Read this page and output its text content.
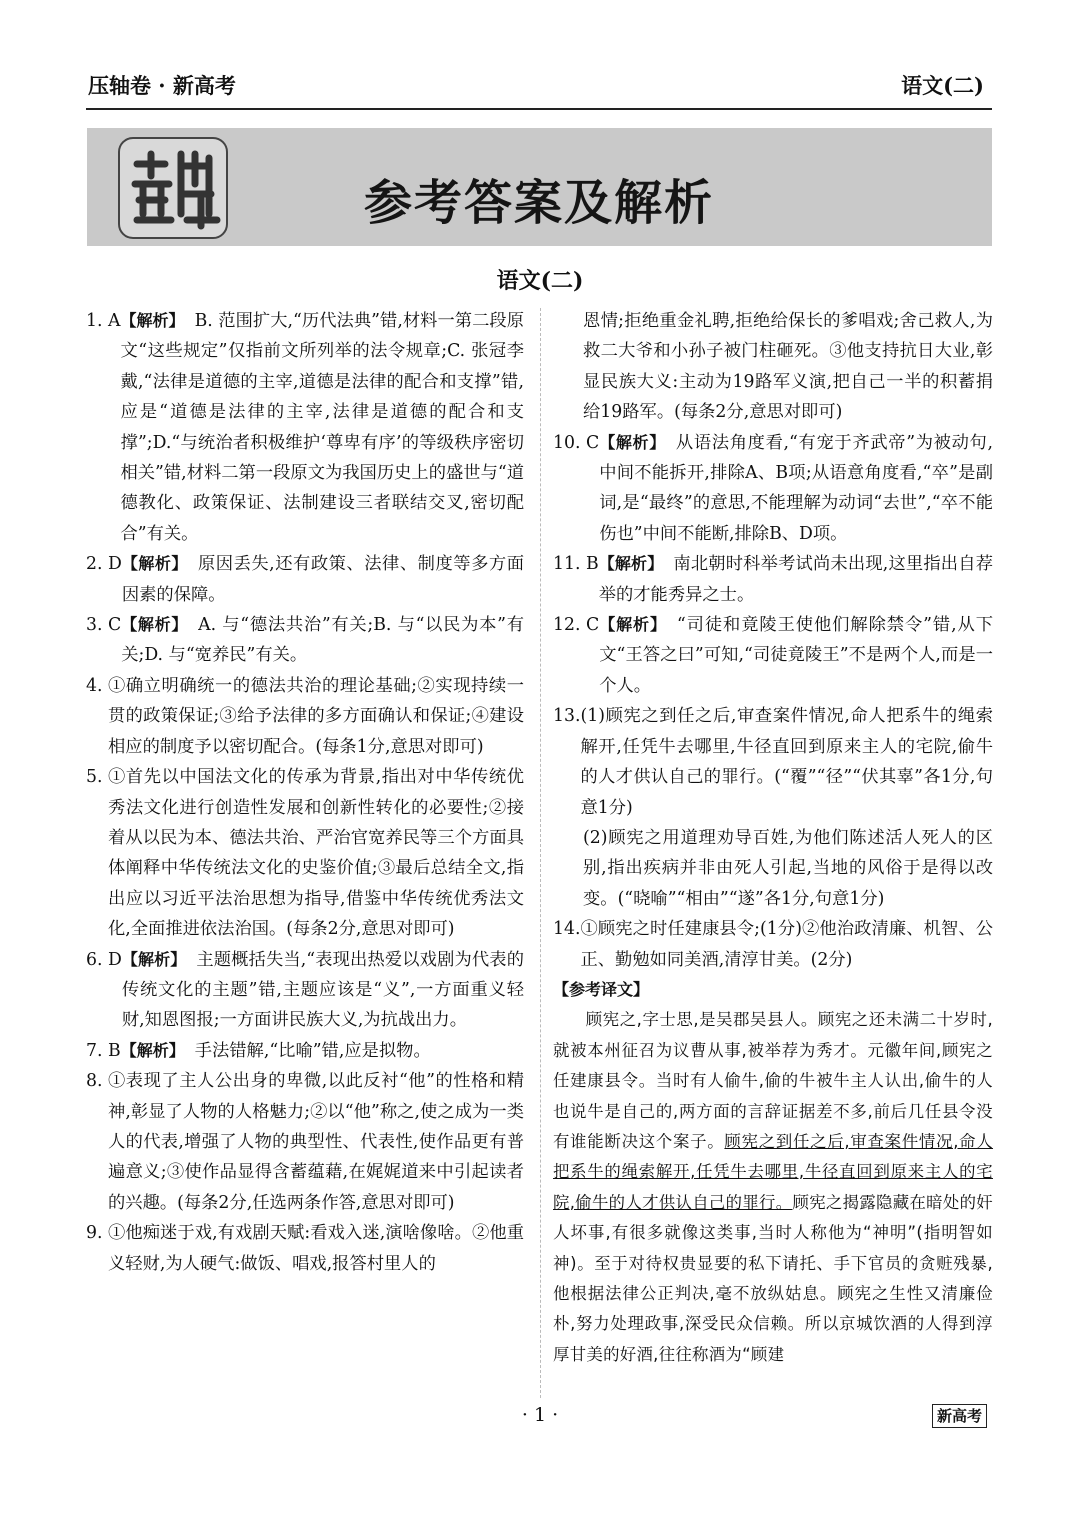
压轴卷 · 新高考	语文(二)
参考答案及解析
语文(二)
1. A 【解析】 B. 范围扩大,“历代法典”错,材料一第二段原文“这些规定”仅指前文所列举的法令规章;C. 张冠李戴,“法律是道德的主宰,道德是法律的配合和支撑”错,应是“道德是法律的主宰,法律是道德的配合和支撑”;D.“与统治者积极维护‘尊卑有序’的等级秩序密切相关”错,材料二第一段原文为我国历史上的盛世与“道德教化、政策保证、法制建设三者联结交叉,密切配合”有关。
2. D 【解析】 原因丢失,还有政策、法律、制度等多方面因素的保障。
3. C 【解析】 A. 与“德法共治”有关;B. 与“以民为本”有关;D. 与“宽养民”有关。
4. ①确立明确统一的德法共治的理论基础;②实现持续一贯的政策保证;③给予法律的多方面确认和保证;④建设相应的制度予以密切配合。(每条1分,意思对即可)
5. ①首先以中国法文化的传承为背景,指出对中华传统优秀法文化进行创造性发展和创新性转化的必要性;②接着从以民为本、德法共治、严治官宽养民等三个方面具体阐释中华传统法文化的史鉴价值;③最后总结全文,指出应以习近平法治思想为指导,借鉴中华传统优秀法文化,全面推进依法治国。(每条2分,意思对即可)
6. D 【解析】 主题概括失当,“表现出热爱以戏剧为代表的传统文化的主题”错,主题应该是“义”,一方面重义轻财,知恩图报;一方面讲民族大义,为抗战出力。
7. B 【解析】 手法错解,“比喻”错,应是拟物。
8. ①表现了主人公出身的卑微,以此反衬“他”的性格和精神,彰显了人物的人格魅力;②以“他”称之,使之成为一类人的代表,增强了人物的典型性、代表性,使作品更有普遍意义;③使作品显得含蓄蕴藉,在娓娓道来中引起读者的兴趣。(每条2分,任选两条作答,意思对即可)
9. ①他痴迷于戏,有戏剧天赋:看戏入迷,演啥像啥。②他重义轻财,为人硬气:做饭、唱戏,报答村里人的
恩情;拒绝重金礼聘,拒绝给保长的爹唱戏;舍己救人,为救二大爷和小孙子被门柱砸死。③他支持抗日大业,彰显民族大义:主动为19路军义演,把自己一半的积蓄捐给19路军。(每条2分,意思对即可)
10. C 【解析】 从语法角度看,“有宠于齐武帝”为被动句,中间不能拆开,排除A、B项;从语意角度看,“卒”是副词,是“最终”的意思,不能理解为动词“去世”,“卒不能伤也”中间不能断,排除B、D项。
11. B 【解析】 南北朝时科举考试尚未出现,这里指出自荐举的才能秀异之士。
12. C 【解析】 “司徒和竟陵王使他们解除禁令”错,从下文“王答之曰”可知,“司徒竟陵王”不是两个人,而是一个人。
13. (1)顾宪之到任之后,审查案件情况,命人把系牛的绳索解开,任凭牛去哪里,牛径直回到原来主人的宅院,偷牛的人才供认自己的罪行。(“覆”“径”“伏其辜”各1分,句意1分)
(2)顾宪之用道理劝导百姓,为他们陈述活人死人的区别,指出疾病并非由死人引起,当地的风俗于是得以改变。(“晓喻”“相由”“遂”各1分,句意1分)
14. ①顾宪之时任建康县令;(1分)②他治政清廉、机智、公正、勤勉如同美酒,清淳甘美。(2分)
【参考译文】
顾宪之,字士思,是吴郡吴县人。顾宪之还未满二十岁时,就被本州征召为议曹从事,被举荐为秀才。元徽年间,顾宪之任建康县令。当时有人偷牛,偷的牛被牛主人认出,偷牛的人也说牛是自己的,两方面的言辞证据差不多,前后几任县令没有谁能断决这个案子。顾宪之到任之后,审查案件情况,命人把系牛的绳索解开,任凭牛去哪里,牛径直回到原来主人的宅院,偷牛的人才供认自己的罪行。顾宪之揭露隐藏在暗处的奸人坏事,有很多就像这类事,当时人称他为“神明”(指明智如神)。至于对待权贵显要的私下请托、手下官员的贪赃残暴,他根据法律公正判决,毫不放纵姑息。顾宪之生性又清廉俭朴,努力处理政事,深受民众信赖。所以京城饮酒的人得到淳厚甘美的好酒,往往称酒为“顾建
· 1 ·	新高考
